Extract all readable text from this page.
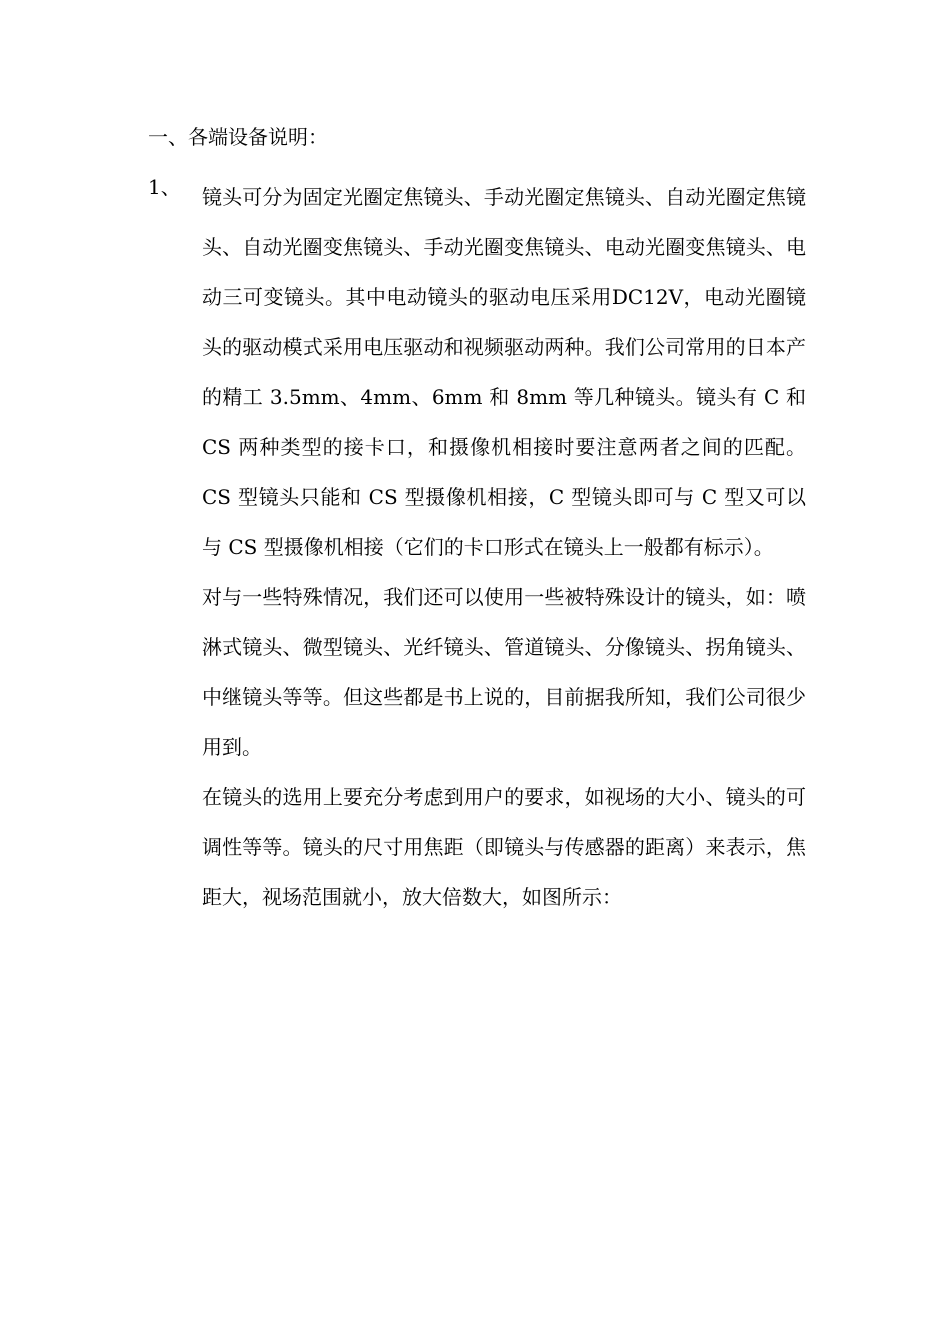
一、各端设备说明：
1、 镜头可分为固定光圈定焦镜头、手动光圈定焦镜头、自动光圈定焦镜头、自动光圈变焦镜头、手动光圈变焦镜头、电动光圈变焦镜头、电动三可变镜头。其中电动镜头的驱动电压采用DC12V，电动光圈镜头的驱动模式采用电压驱动和视频驱动两种。我们公司常用的日本产的精工 3.5mm、4mm、6mm 和 8mm 等几种镜头。镜头有 C 和 CS 两种类型的接卡口，和摄像机相接时要注意两者之间的匹配。CS 型镜头只能和 CS 型摄像机相接，C 型镜头即可与 C 型又可以与 CS 型摄像机相接（它们的卡口形式在镜头上一般都有标示）。

对与一些特殊情况，我们还可以使用一些被特殊设计的镜头，如：喷淋式镜头、微型镜头、光纤镜头、管道镜头、分像镜头、拐角镜头、中继镜头等等。但这些都是书上说的，目前据我所知，我们公司很少用到。

在镜头的选用上要充分考虑到用户的要求，如视场的大小、镜头的可调性等等。镜头的尺寸用焦距（即镜头与传感器的距离）来表示，焦距大，视场范围就小，放大倍数大，如图所示：
